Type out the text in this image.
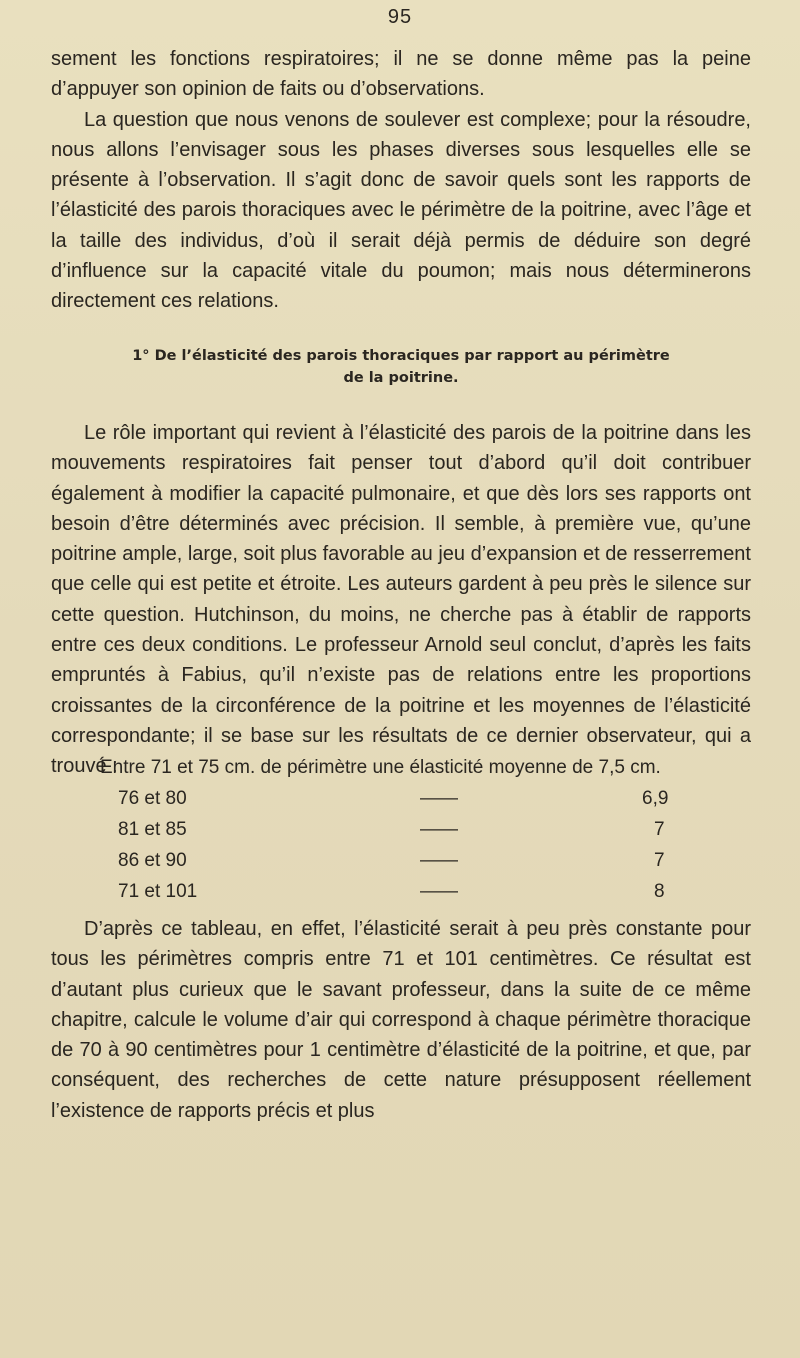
95

sement les fonctions respiratoires; il ne se donne même pas la peine d’appuyer son opinion de faits ou d’observations.

La question que nous venons de soulever est complexe; pour la résoudre, nous allons l’envisager sous les phases diverses sous lesquelles elle se présente à l’observation. Il s’agit donc de savoir quels sont les rapports de l’élasticité des parois thoraciques avec le périmètre de la poitrine, avec l’âge et la taille des individus, d’où il serait déjà permis de déduire son degré d’influence sur la capacité vitale du poumon; mais nous déterminerons directement ces relations.

1° De l’élasticité des parois thoraciques par rapport au périmètre
de la poitrine.

Le rôle important qui revient à l’élasticité des parois de la poitrine dans les mouvements respiratoires fait penser tout d’abord qu’il doit contribuer également à modifier la capacité pulmonaire, et que dès lors ses rapports ont besoin d’être déterminés avec précision. Il semble, à première vue, qu’une poitrine ample, large, soit plus favorable au jeu d’expansion et de resserrement que celle qui est petite et étroite. Les auteurs gardent à peu près le silence sur cette question. Hutchinson, du moins, ne cherche pas à établir de rapports entre ces deux conditions. Le professeur Arnold seul conclut, d’après les faits empruntés à Fabius, qu’il n’existe pas de relations entre les proportions croissantes de la circonférence de la poitrine et les moyennes de l’élasticité correspondante; il se base sur les résultats de ce dernier observateur, qui a trouvé :

Entre 71 et 75 cm. de périmètre une élasticité moyenne de 7,5 cm.
76 et 80	——	6,9
81 et 85	——	7
86 et 90	——	7
71 et 101	——	8

D’après ce tableau, en effet, l’élasticité serait à peu près constante pour tous les périmètres compris entre 71 et 101 centimètres. Ce résultat est d’autant plus curieux que le savant professeur, dans la suite de ce même chapitre, calcule le volume d’air qui correspond à chaque périmètre thoracique de 70 à 90 centimètres pour 1 centimètre d’élasticité de la poitrine, et que, par conséquent, des recherches de cette nature présupposent réellement l’existence de rapports précis et plus
